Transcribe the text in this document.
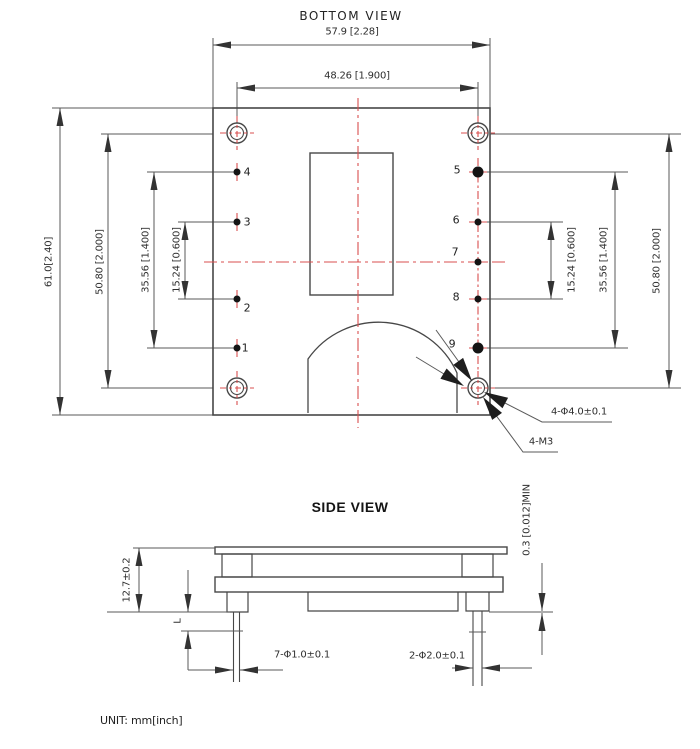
BOTTOM VIEW
57.9 [2.28]
48.26 [1.900]
61.0[2.40]	50.80 [2.000]	35.56 [1.400] 15.24 [0.600]	15.24 [0.600] 35.56 [1.400]	50.80 [2.000]
4
3
2
1
5
6
7
8
9
4-Φ4.0±0.1
4-M3
SIDE VIEW	0.3 [0.012]MIN
12.7±0.2
L
7-Φ1.0±0.1	2-Φ2.0±0.1
UNIT: mm[inch]
